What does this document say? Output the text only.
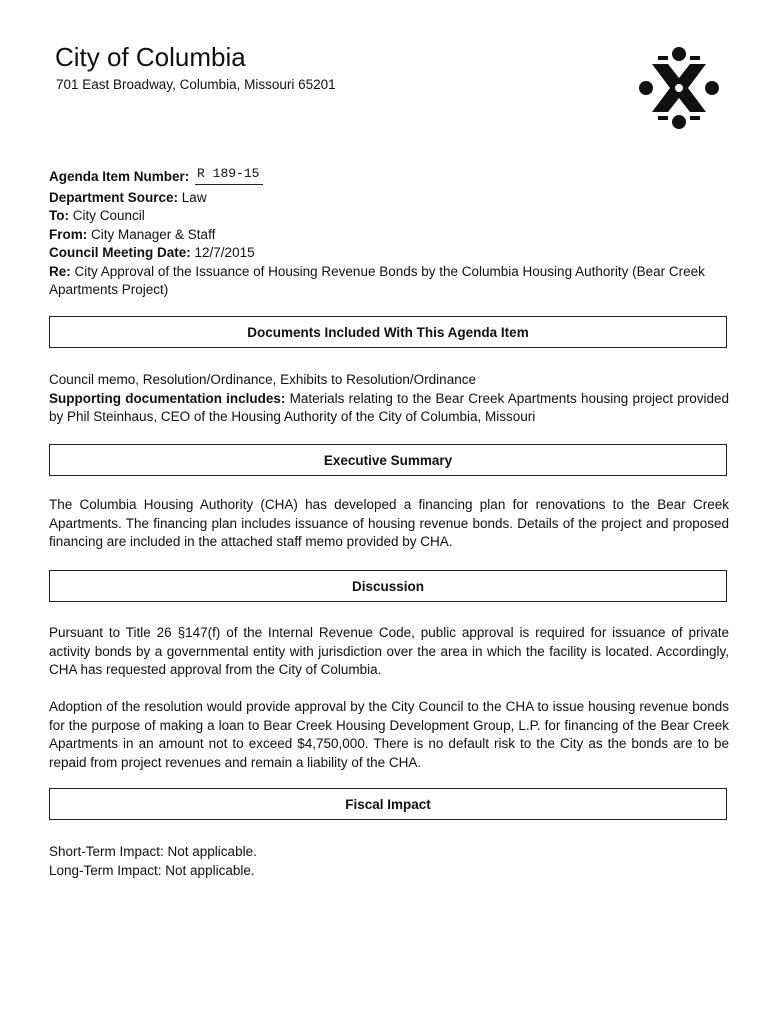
City of Columbia
701 East Broadway, Columbia, Missouri 65201
Agenda Item Number: R 189-15
Department Source: Law
To: City Council
From: City Manager & Staff
Council Meeting Date: 12/7/2015
Re: City Approval of the Issuance of Housing Revenue Bonds by the Columbia Housing Authority (Bear Creek Apartments Project)
Documents Included With This Agenda Item
Council memo, Resolution/Ordinance, Exhibits to Resolution/Ordinance
Supporting documentation includes: Materials relating to the Bear Creek Apartments housing project provided by Phil Steinhaus, CEO of the Housing Authority of the City of Columbia, Missouri
Executive Summary
The Columbia Housing Authority (CHA) has developed a financing plan for renovations to the Bear Creek Apartments. The financing plan includes issuance of housing revenue bonds. Details of the project and proposed financing are included in the attached staff memo provided by CHA.
Discussion
Pursuant to Title 26 §147(f) of the Internal Revenue Code, public approval is required for issuance of private activity bonds by a governmental entity with jurisdiction over the area in which the facility is located. Accordingly, CHA has requested approval from the City of Columbia.
Adoption of the resolution would provide approval by the City Council to the CHA to issue housing revenue bonds for the purpose of making a loan to Bear Creek Housing Development Group, L.P. for financing of the Bear Creek Apartments in an amount not to exceed $4,750,000. There is no default risk to the City as the bonds are to be repaid from project revenues and remain a liability of the CHA.
Fiscal Impact
Short-Term Impact: Not applicable.
Long-Term Impact: Not applicable.
